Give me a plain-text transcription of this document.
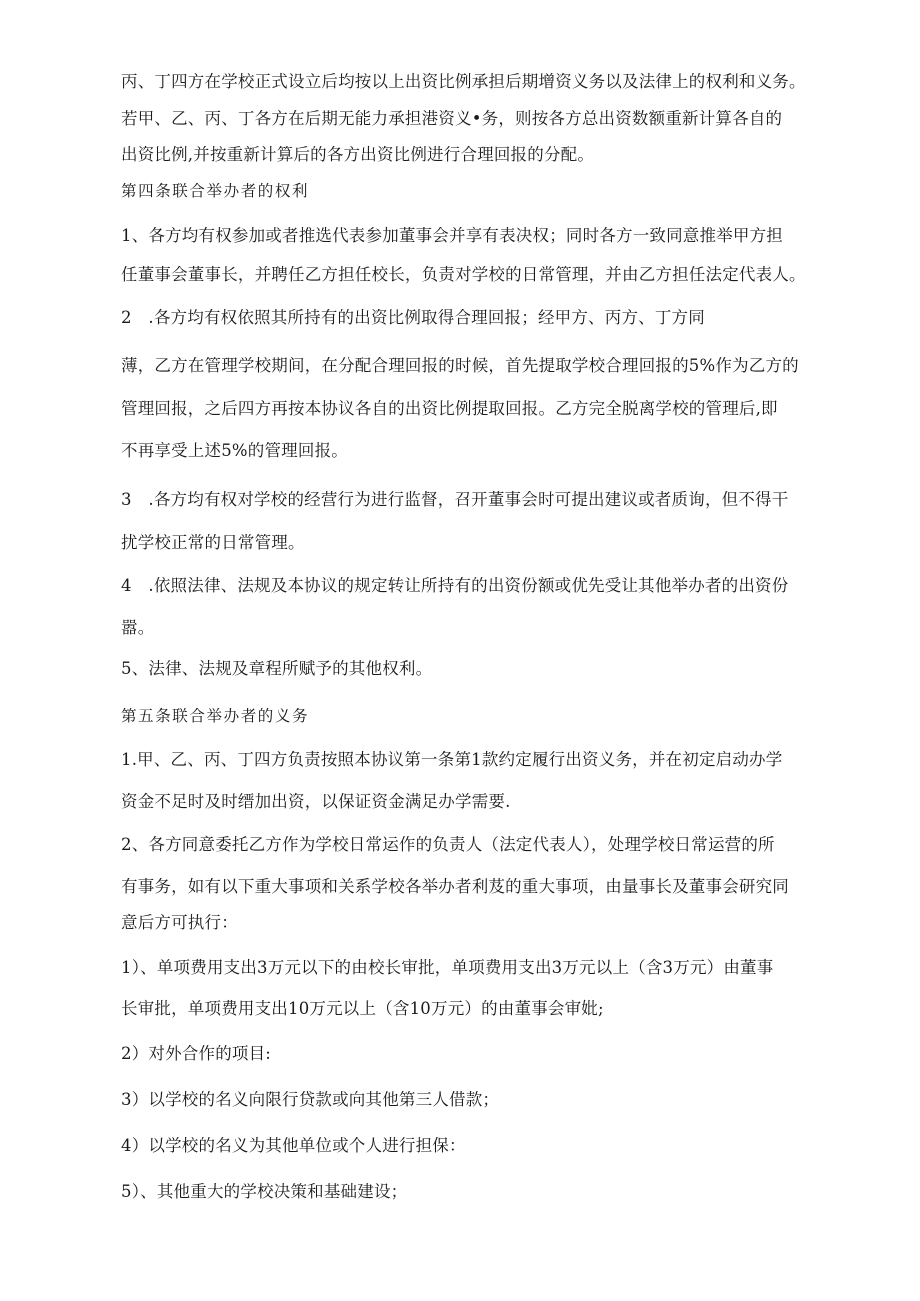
丙、丁四方在学校正式设立后均按以上出资比例承担后期增资义务以及法律上的权利和义务。
若甲、乙、丙、丁各方在后期无能力承担港资义•务，则按各方总出资数额重新计算各自的
出资比例,并按重新计算后的各方出资比例进行合理回报的分配。
第四条联合举办者的权利
1、各方均有权参加或者推选代表参加董事会并享有表决权；同时各方一致同意推举甲方担
任董事会董事长，并聘任乙方担任校长，负责对学校的日常管理，并由乙方担任法定代表人。
2　.各方均有权依照其所持有的出资比例取得合理回报；经甲方、丙方、丁方同
薄，乙方在管理学校期间，在分配合理回报的时候，首先提取学校合理回报的5%作为乙方的
管理回报，之后四方再按本协议各自的出资比例提取回报。乙方完全脱离学校的管理后,即
不再享受上述5%的管理回报。
3　.各方均有权对学校的经营行为进行监督，召开董事会时可提出建议或者质询，但不得干
扰学校正常的日常管理。
4　.依照法律、法规及本协议的规定转让所持有的出资份额或优先受让其他举办者的出资份
嚣。
5、法律、法规及章程所赋予的其他权利。
第五条联合举办者的义务
1.甲、乙、丙、丁四方负责按照本协议第一条第1款约定履行出资义务，并在初定启动办学
资金不足时及时缙加出资，以保证资金满足办学需要.
2、各方同意委托乙方作为学校日常运作的负责人（法定代表人），处理学校日常运营的所
有事务，如有以下重大事项和关系学校各举办者利芨的重大事项，由量事长及董事会研究同
意后方可执行：
1）、单项费用支出3万元以下的由校长审批，单项费用支出3万元以上（含3万元）由董事
长审批，单项费用支出10万元以上（含10万元）的由董事会审妣;
2）对外合作的项目:
3）以学校的名义向限行贷款或向其他第三人借款；
4）以学校的名义为其他单位或个人进行担保：
5）、其他重大的学校决策和基础建设；
